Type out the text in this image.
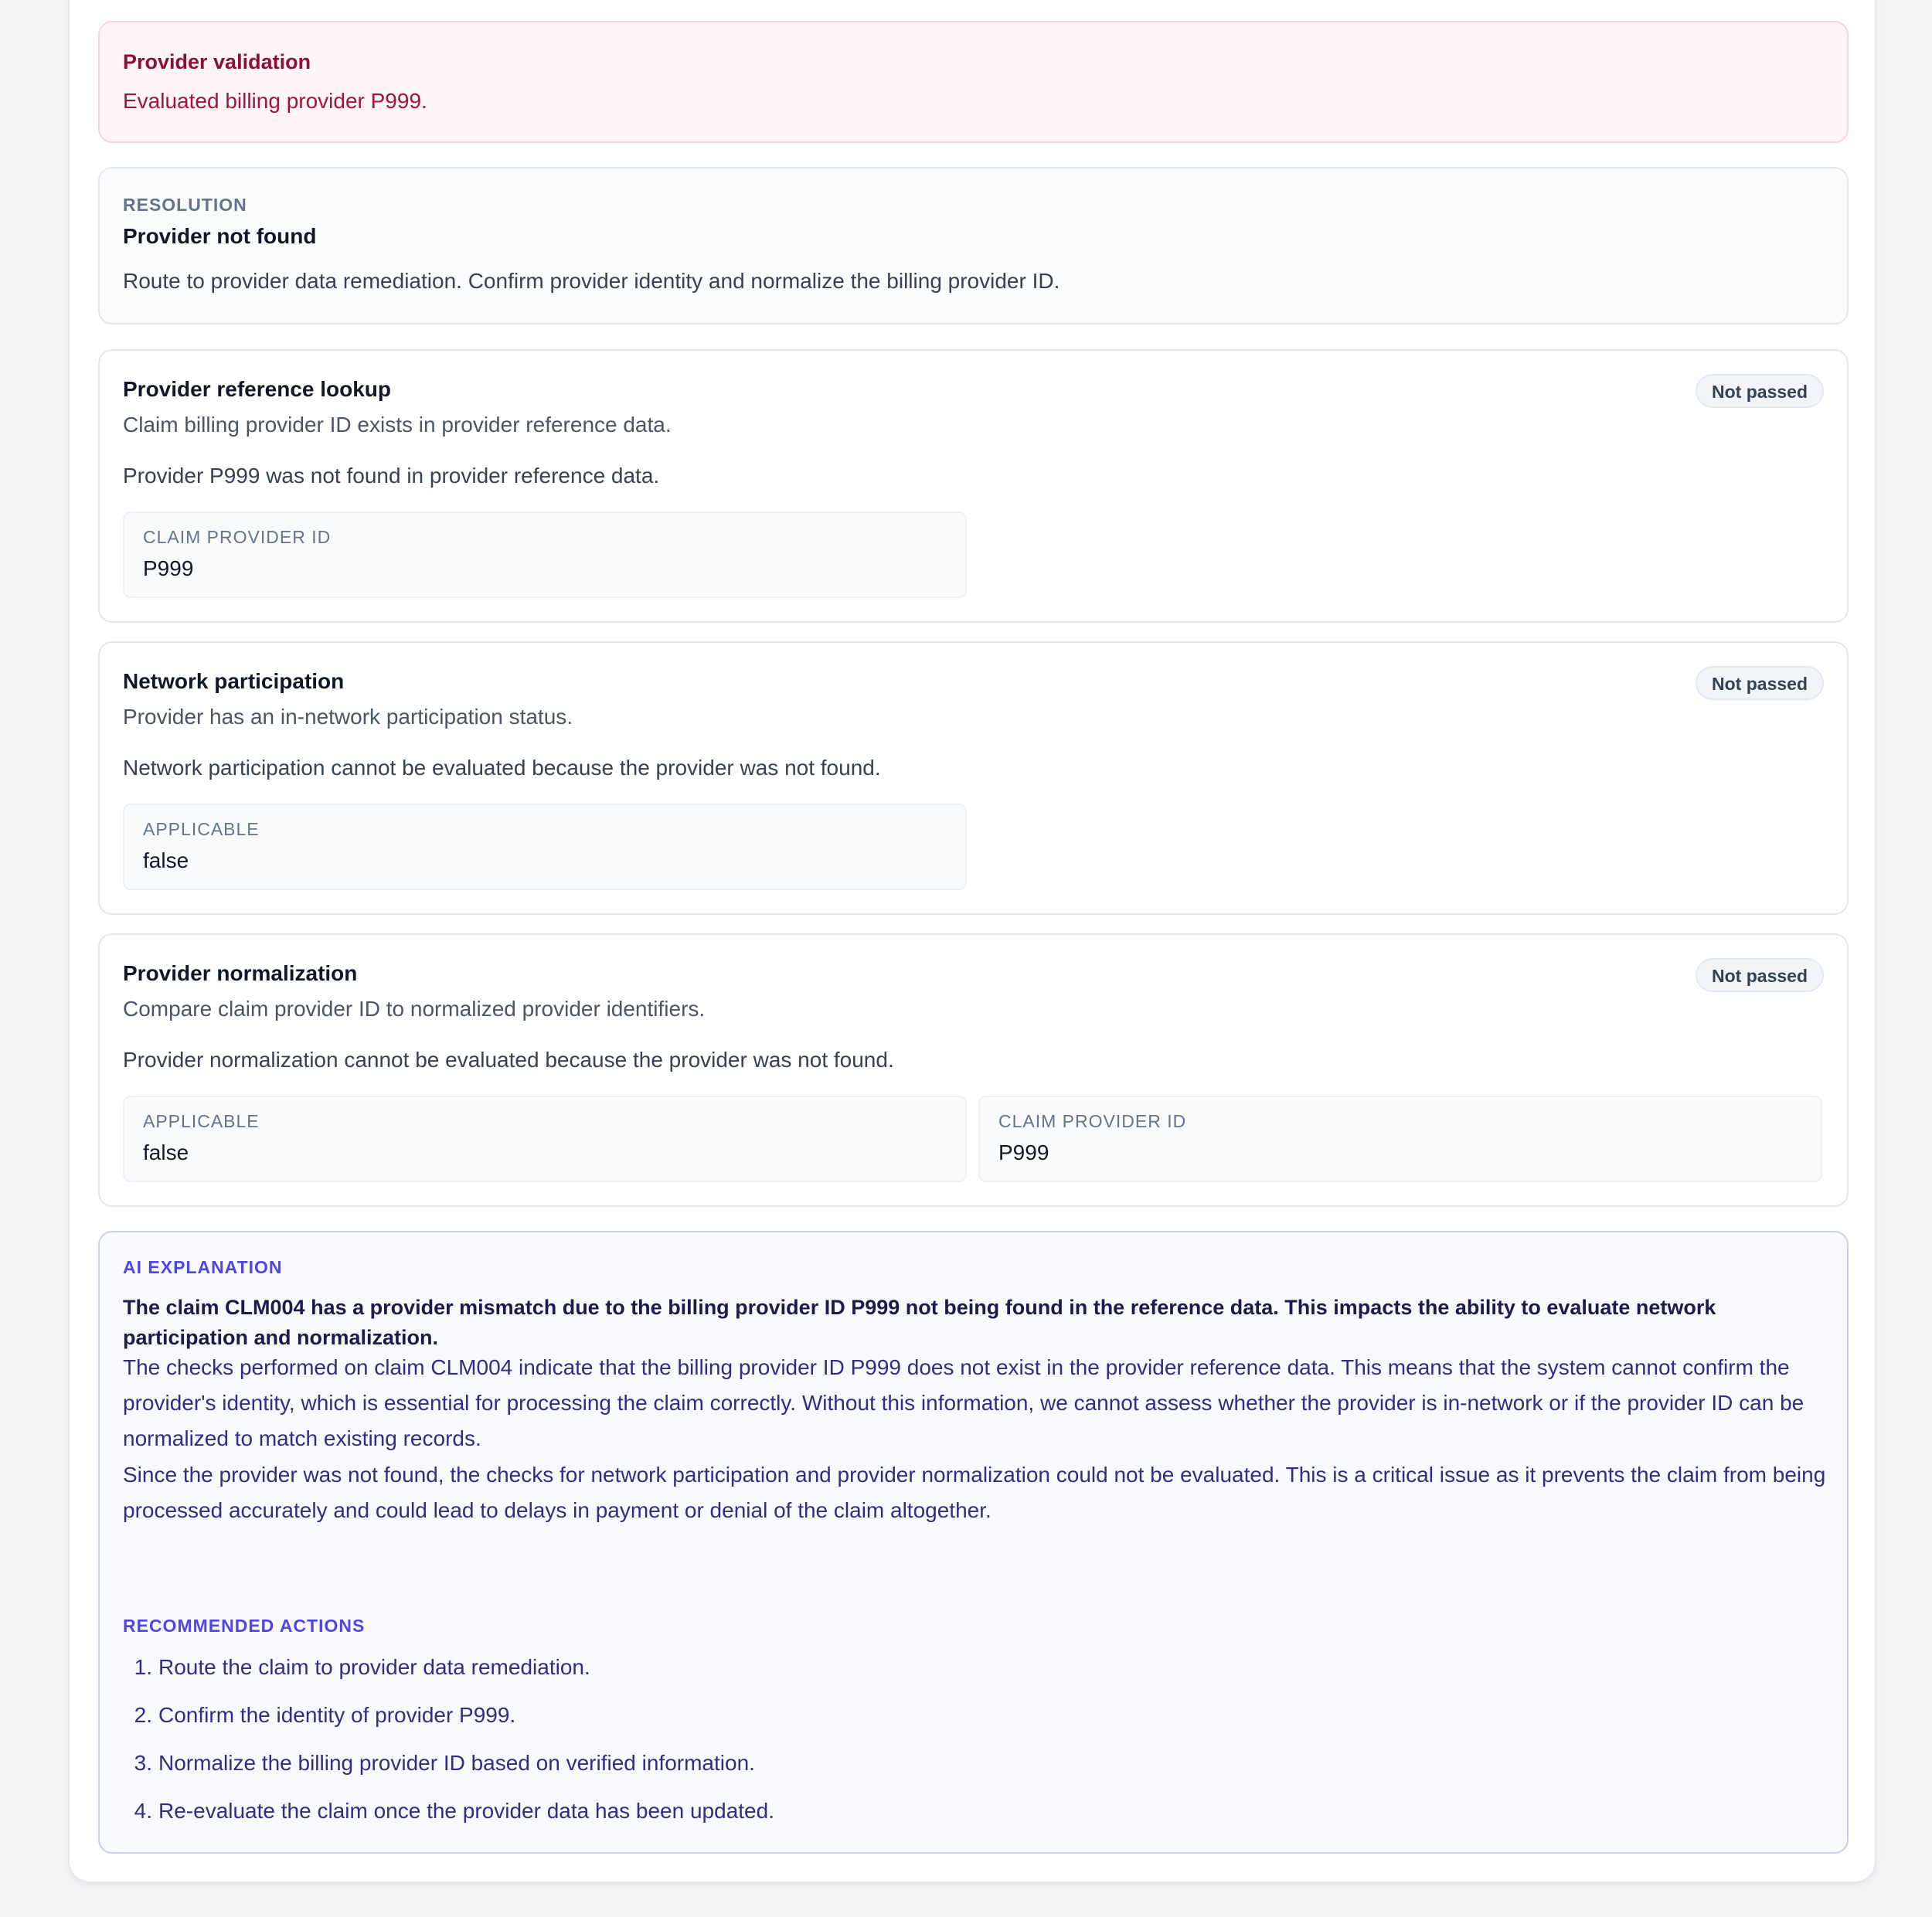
Provider validation
Evaluated billing provider P999.
RESOLUTION
Provider not found
Route to provider data remediation. Confirm provider identity and normalize the billing provider ID.
Provider reference lookup	Not passed
Claim billing provider ID exists in provider reference data.
Provider P999 was not found in provider reference data.
CLAIM PROVIDER ID
P999
Network participation	Not passed
Provider has an in-network participation status.
Network participation cannot be evaluated because the provider was not found.
APPLICABLE
false
Provider normalization	Not passed
Compare claim provider ID to normalized provider identifiers.
Provider normalization cannot be evaluated because the provider was not found.
APPLICABLE
false
CLAIM PROVIDER ID
P999
AI EXPLANATION
The claim CLM004 has a provider mismatch due to the billing provider ID P999 not being found in the reference data. This impacts the ability to evaluate network participation and normalization.
The checks performed on claim CLM004 indicate that the billing provider ID P999 does not exist in the provider reference data. This means that the system cannot confirm the provider's identity, which is essential for processing the claim correctly. Without this information, we cannot assess whether the provider is in-network or if the provider ID can be normalized to match existing records.
Since the provider was not found, the checks for network participation and provider normalization could not be evaluated. This is a critical issue as it prevents the claim from being processed accurately and could lead to delays in payment or denial of the claim altogether.
RECOMMENDED ACTIONS
1. Route the claim to provider data remediation.
2. Confirm the identity of provider P999.
3. Normalize the billing provider ID based on verified information.
4. Re-evaluate the claim once the provider data has been updated.
